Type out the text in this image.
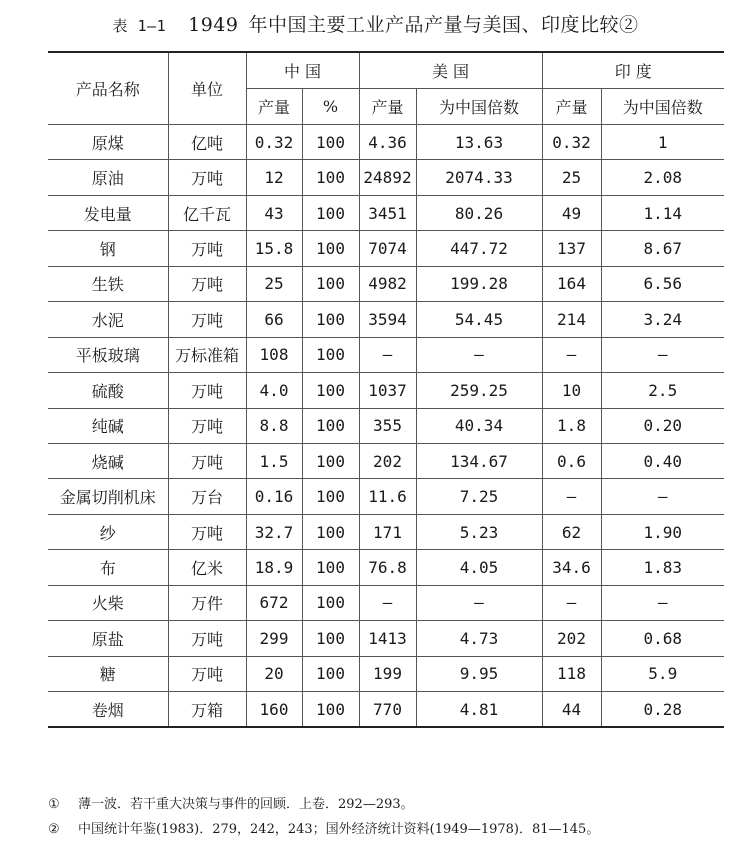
表 1—1 1949 年中国主要工业产品产量与美国、印度比较②
产品名称	单位	中 国		美 国		印 度	
		产量	%	产量	为中国倍数	产量	为中国倍数
原煤	亿吨	0.32	100	4.36	13.63	0.32	1
原油	万吨	12	100	24892	2074.33	25	2.08
发电量	亿千瓦	43	100	3451	80.26	49	1.14
钢	万吨	15.8	100	7074	447.72	137	8.67
生铁	万吨	25	100	4982	199.28	164	6.56
水泥	万吨	66	100	3594	54.45	214	3.24
平板玻璃	万标准箱	108	100	–	–	–	–
硫酸	万吨	4.0	100	1037	259.25	10	2.5
纯碱	万吨	8.8	100	355	40.34	1.8	0.20
烧碱	万吨	1.5	100	202	134.67	0.6	0.40
金属切削机床	万台	0.16	100	11.6	7.25	–	–
纱	万吨	32.7	100	171	5.23	62	1.90
布	亿米	18.9	100	76.8	4.05	34.6	1.83
火柴	万件	672	100	–	–	–	–
原盐	万吨	299	100	1413	4.73	202	0.68
糖	万吨	20	100	199	9.95	118	5.9
卷烟	万箱	160	100	770	4.81	44	0.28
① 薄一波．若干重大决策与事件的回顾．上卷．292—293。
② 中国统计年鉴(1983)．279，242，243；国外经济统计资料(1949—1978)．81—145。
